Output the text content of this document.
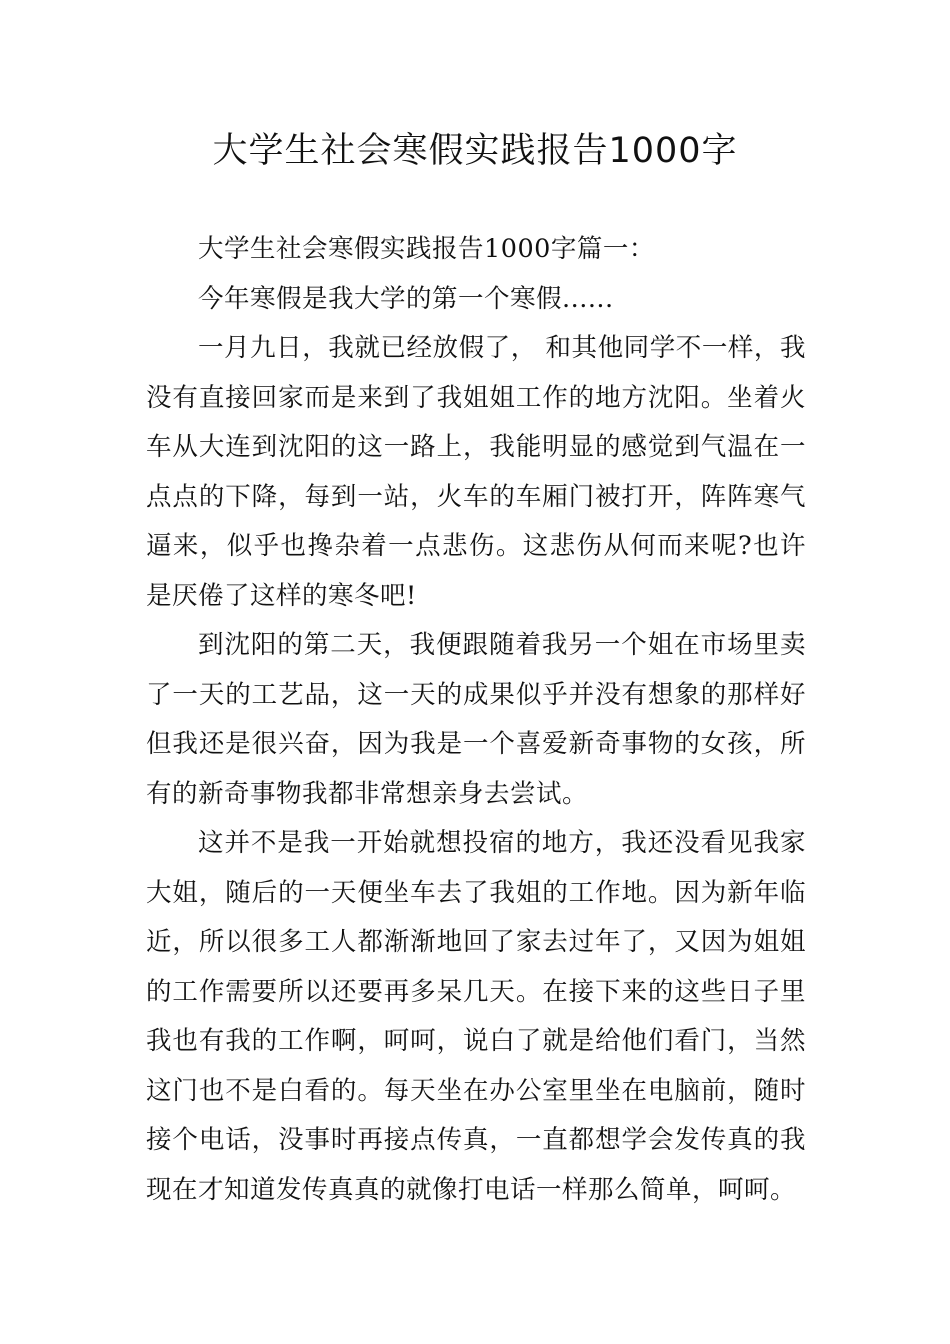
大学生社会寒假实践报告1000字

大学生社会寒假实践报告1000字篇一：

今年寒假是我大学的第一个寒假......

一月九日，我就已经放假了， 和其他同学不一样，我没有直接回家而是来到了我姐姐工作的地方沈阳。坐着火车从大连到沈阳的这一路上，我能明显的感觉到气温在一点点的下降，每到一站，火车的车厢门被打开，阵阵寒气逼来，似乎也搀杂着一点悲伤。这悲伤从何而来呢?也许是厌倦了这样的寒冬吧!

到沈阳的第二天，我便跟随着我另一个姐在市场里卖了一天的工艺品，这一天的成果似乎并没有想象的那样好但我还是很兴奋，因为我是一个喜爱新奇事物的女孩，所有的新奇事物我都非常想亲身去尝试。

这并不是我一开始就想投宿的地方，我还没看见我家大姐，随后的一天便坐车去了我姐的工作地。因为新年临近，所以很多工人都渐渐地回了家去过年了，又因为姐姐的工作需要所以还要再多呆几天。在接下来的这些日子里我也有我的工作啊，呵呵，说白了就是给他们看门，当然这门也不是白看的。每天坐在办公室里坐在电脑前，随时接个电话，没事时再接点传真，一直都想学会发传真的我现在才知道发传真真的就像打电话一样那么简单，呵呵。
